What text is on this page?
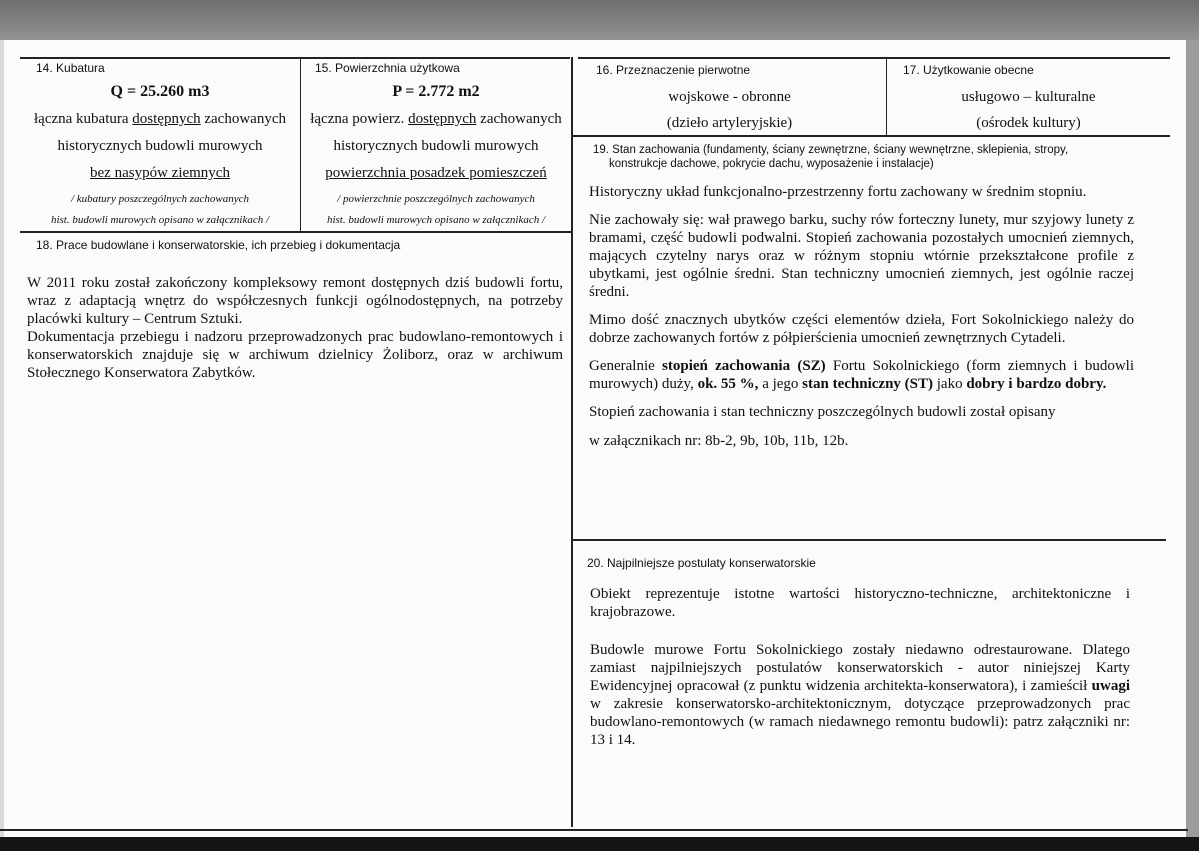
14. Kubatura
Q = 25.260 m3
łączna kubatura dostępnych zachowanych
historycznych budowli murowych
bez nasypów ziemnych
/ kubatury poszczególnych zachowanych
hist. budowli murowych opisano w załącznikach /
15. Powierzchnia użytkowa
P = 2.772 m2
łączna powierz. dostępnych zachowanych
historycznych budowli murowych
powierzchnia posadzek pomieszczeń
/ powierzchnie poszczególnych zachowanych
hist. budowli murowych opisano w załącznikach /
16. Przeznaczenie pierwotne
wojskowe - obronne
(dzieło artyleryjskie)
17. Użytkowanie obecne
usługowo – kulturalne
(ośrodek kultury)
18. Prace budowlane i konserwatorskie, ich przebieg i dokumentacja
W 2011 roku został zakończony kompleksowy remont dostępnych dziś budowli fortu, wraz z adaptacją wnętrz do współczesnych funkcji ogólnodostępnych, na potrzeby placówki kultury – Centrum Sztuki.
Dokumentacja przebiegu i nadzoru przeprowadzonych prac budowlano-remontowych i konserwatorskich znajduje się w archiwum dzielnicy Żoliborz, oraz w archiwum Stołecznego Konserwatora Zabytków.
19. Stan zachowania (fundamenty, ściany zewnętrzne, ściany wewnętrzne, sklepienia, stropy,
konstrukcje dachowe, pokrycie dachu, wyposażenie i instalacje)
Historyczny układ funkcjonalno-przestrzenny fortu zachowany w średnim stopniu.
Nie zachowały się: wał prawego barku, suchy rów forteczny lunety, mur szyjowy lunety z bramami, część budowli podwalni. Stopień zachowania pozostałych umocnień ziemnych, mających czytelny narys oraz w różnym stopniu wtórnie przekształcone profile z ubytkami, jest ogólnie średni. Stan techniczny umocnień ziemnych, jest ogólnie raczej średni.
Mimo dość znacznych ubytków części elementów dzieła, Fort Sokolnickiego należy do dobrze zachowanych fortów z półpierścienia umocnień zewnętrznych Cytadeli.
Generalnie stopień zachowania (SZ) Fortu Sokolnickiego (form ziemnych i budowli murowych) duży, ok. 55 %, a jego stan techniczny (ST) jako dobry i bardzo dobry.
Stopień zachowania i stan techniczny poszczególnych budowli został opisany
w załącznikach nr: 8b-2, 9b, 10b, 11b, 12b.
20. Najpilniejsze postulaty konserwatorskie
Obiekt reprezentuje istotne wartości historyczno-techniczne, architektoniczne i krajobrazowe.
Budowle murowe Fortu Sokolnickiego zostały niedawno odrestaurowane. Dlatego zamiast najpilniejszych postulatów konserwatorskich - autor niniejszej Karty Ewidencyjnej opracował (z punktu widzenia architekta-konserwatora), i zamieścił uwagi w zakresie konserwatorsko-architektonicznym, dotyczące przeprowadzonych prac budowlano-remontowych (w ramach niedawnego remontu budowli): patrz załączniki nr: 13 i 14.
